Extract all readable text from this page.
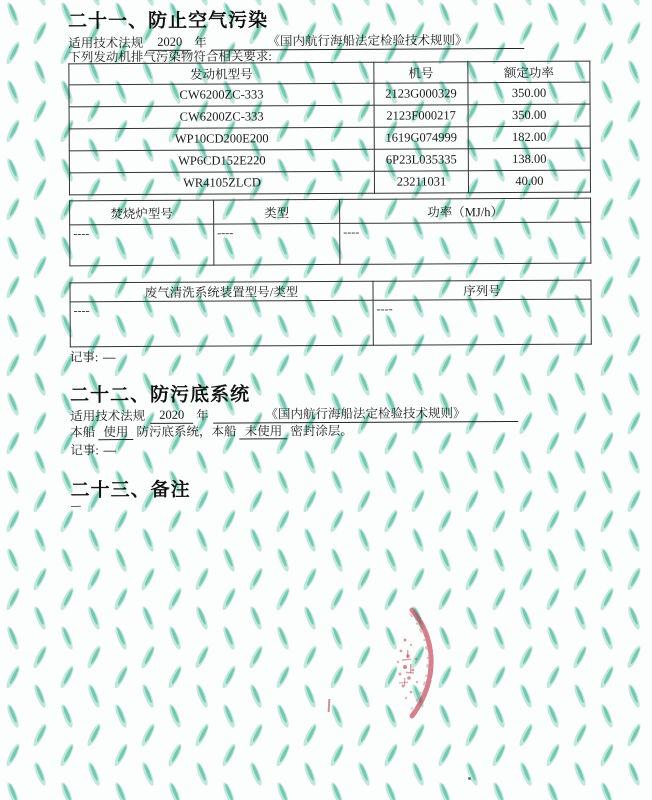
二十一、防止空气污染
适用技术法规	2020 年	《国内航行海船法定检验技术规则》
下列发动机排气污染物符合相关要求:
发动机型号	机号	额定功率
CW6200ZC-333	2123G000329	350.00
CW6200ZC-333	2123F000217	350.00
WP10CD200E200	1619G074999	182.00
WP6CD152E220	6P23L035335	138.00
WR4105ZLCD	23211031	40.00
焚烧炉型号	类型	功率（MJ/h）
----	----	----
废气清洗系统装置型号/类型	序列号
----	----
记事: ----
二十二、防污底系统
适用技术法规	2020 年	《国内航行海船法定检验技术规则》
本船 使用 防污底系统，本船 未使用 密封涂层。
记事: ----
二十三、备注
---
